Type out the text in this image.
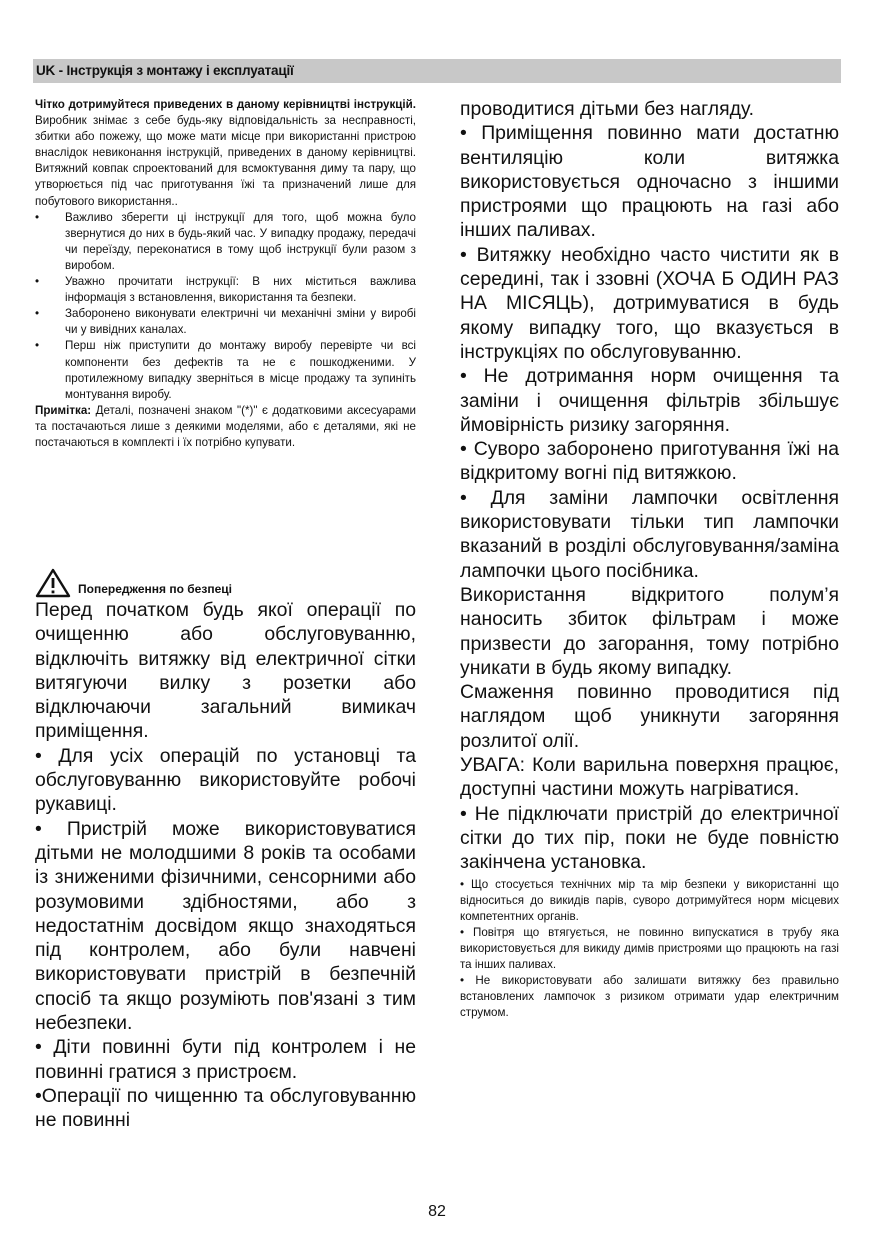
UK - Інструкція з монтажу і експлуатації

Чітко дотримуйтеся приведених в даному керівництві інструкцій. Виробник знімає з себе будь-яку відповідальність за несправності, збитки або пожежу, що може мати місце при використанні пристрою внаслідок невиконання інструкцій, приведених в даному керівництві. Витяжний ковпак спроектований для всмоктування диму та пару, що утворюється під час приготування їжі та призначений лише для побутового використання..

• Важливо зберегти ці інструкції для того, щоб можна було звернутися до них в будь-який час. У випадку продажу, передачі чи переїзду, переконатися в тому щоб інструкції були разом з виробом.
• Уважно прочитати інструкції: В них міститься важлива інформація з встановлення, використання та безпеки.
• Заборонено виконувати електричні чи механічні зміни у виробі чи у вивідних каналах.
• Перш ніж приступити до монтажу виробу перевірте чи всі компоненти без дефектів та не є пошкодженими. У протилежному випадку зверніться в місце продажу та зупиніть монтування виробу.

Примітка: Деталі, позначені знаком "(*)" є додатковими аксесуарами та постачаються лише з деякими моделями, або є деталями, які не постачаються в комплекті і їх потрібно купувати.

Попередження по безпеці

Перед початком будь якої операції по очищенню або обслуговуванню, відключіть витяжку від електричної сітки витягуючи вилку з розетки або відключаючи загальний вимикач приміщення.

• Для усіх операцій по установці та обслуговуванню використовуйте робочі рукавиці.

• Пристрій може використовуватися дітьми не молодшими 8 років та особами із зниженими фізичними, сенсорними або розумовими здібностями, або з недостатнім досвідом якщо знаходяться під контролем, або були навчені використовувати пристрій в безпечній спосіб та якщо розуміють пов'язані з тим небезпеки.

• Діти повинні бути під контролем і не повинні гратися з пристроєм.

•Операції по чищенню та обслуговуванню не повинні

проводитися дітьми без нагляду.

• Приміщення повинно мати достатню вентиляцію коли витяжка використовується одночасно з іншими пристроями що працюють на газі або інших паливах.

• Витяжку необхідно часто чистити як в середині, так і ззовні (ХОЧА Б ОДИН РАЗ НА МІСЯЦЬ), дотримуватися в будь якому випадку того, що вказується в інструкціях по обслуговуванню.

• Не дотримання норм очищення та заміни і очищення фільтрів збільшує ймовірність ризику загоряння.

• Суворо заборонено приготування їжі на відкритому вогні під витяжкою.

• Для заміни лампочки освітлення використовувати тільки тип лампочки вказаний в розділі обслуговування/заміна лампочки цього посібника.

Використання відкритого полум’я наносить збиток фільтрам і може призвести до загорання, тому потрібно уникати в будь якому випадку.

Смаження повинно проводитися під наглядом щоб уникнути загоряння розлитої олії.

УВАГА: Коли варильна поверхня працює, доступні частини можуть нагріватися.

• Не підключати пристрій до електричної сітки до тих пір, поки не буде повністю закінчена установка.

• Що стосується технічних мір та мір безпеки у використанні що відноситься до викидів парів, суворо дотримуйтеся норм місцевих компетентних органів.

• Повітря що втягується, не повинно випускатися в трубу яка використовується для викиду димів пристроями що працюють на газі та інших паливах.

• Не використовувати або залишати витяжку без правильно встановлених лампочок з ризиком отримати удар електричним струмом.

82
